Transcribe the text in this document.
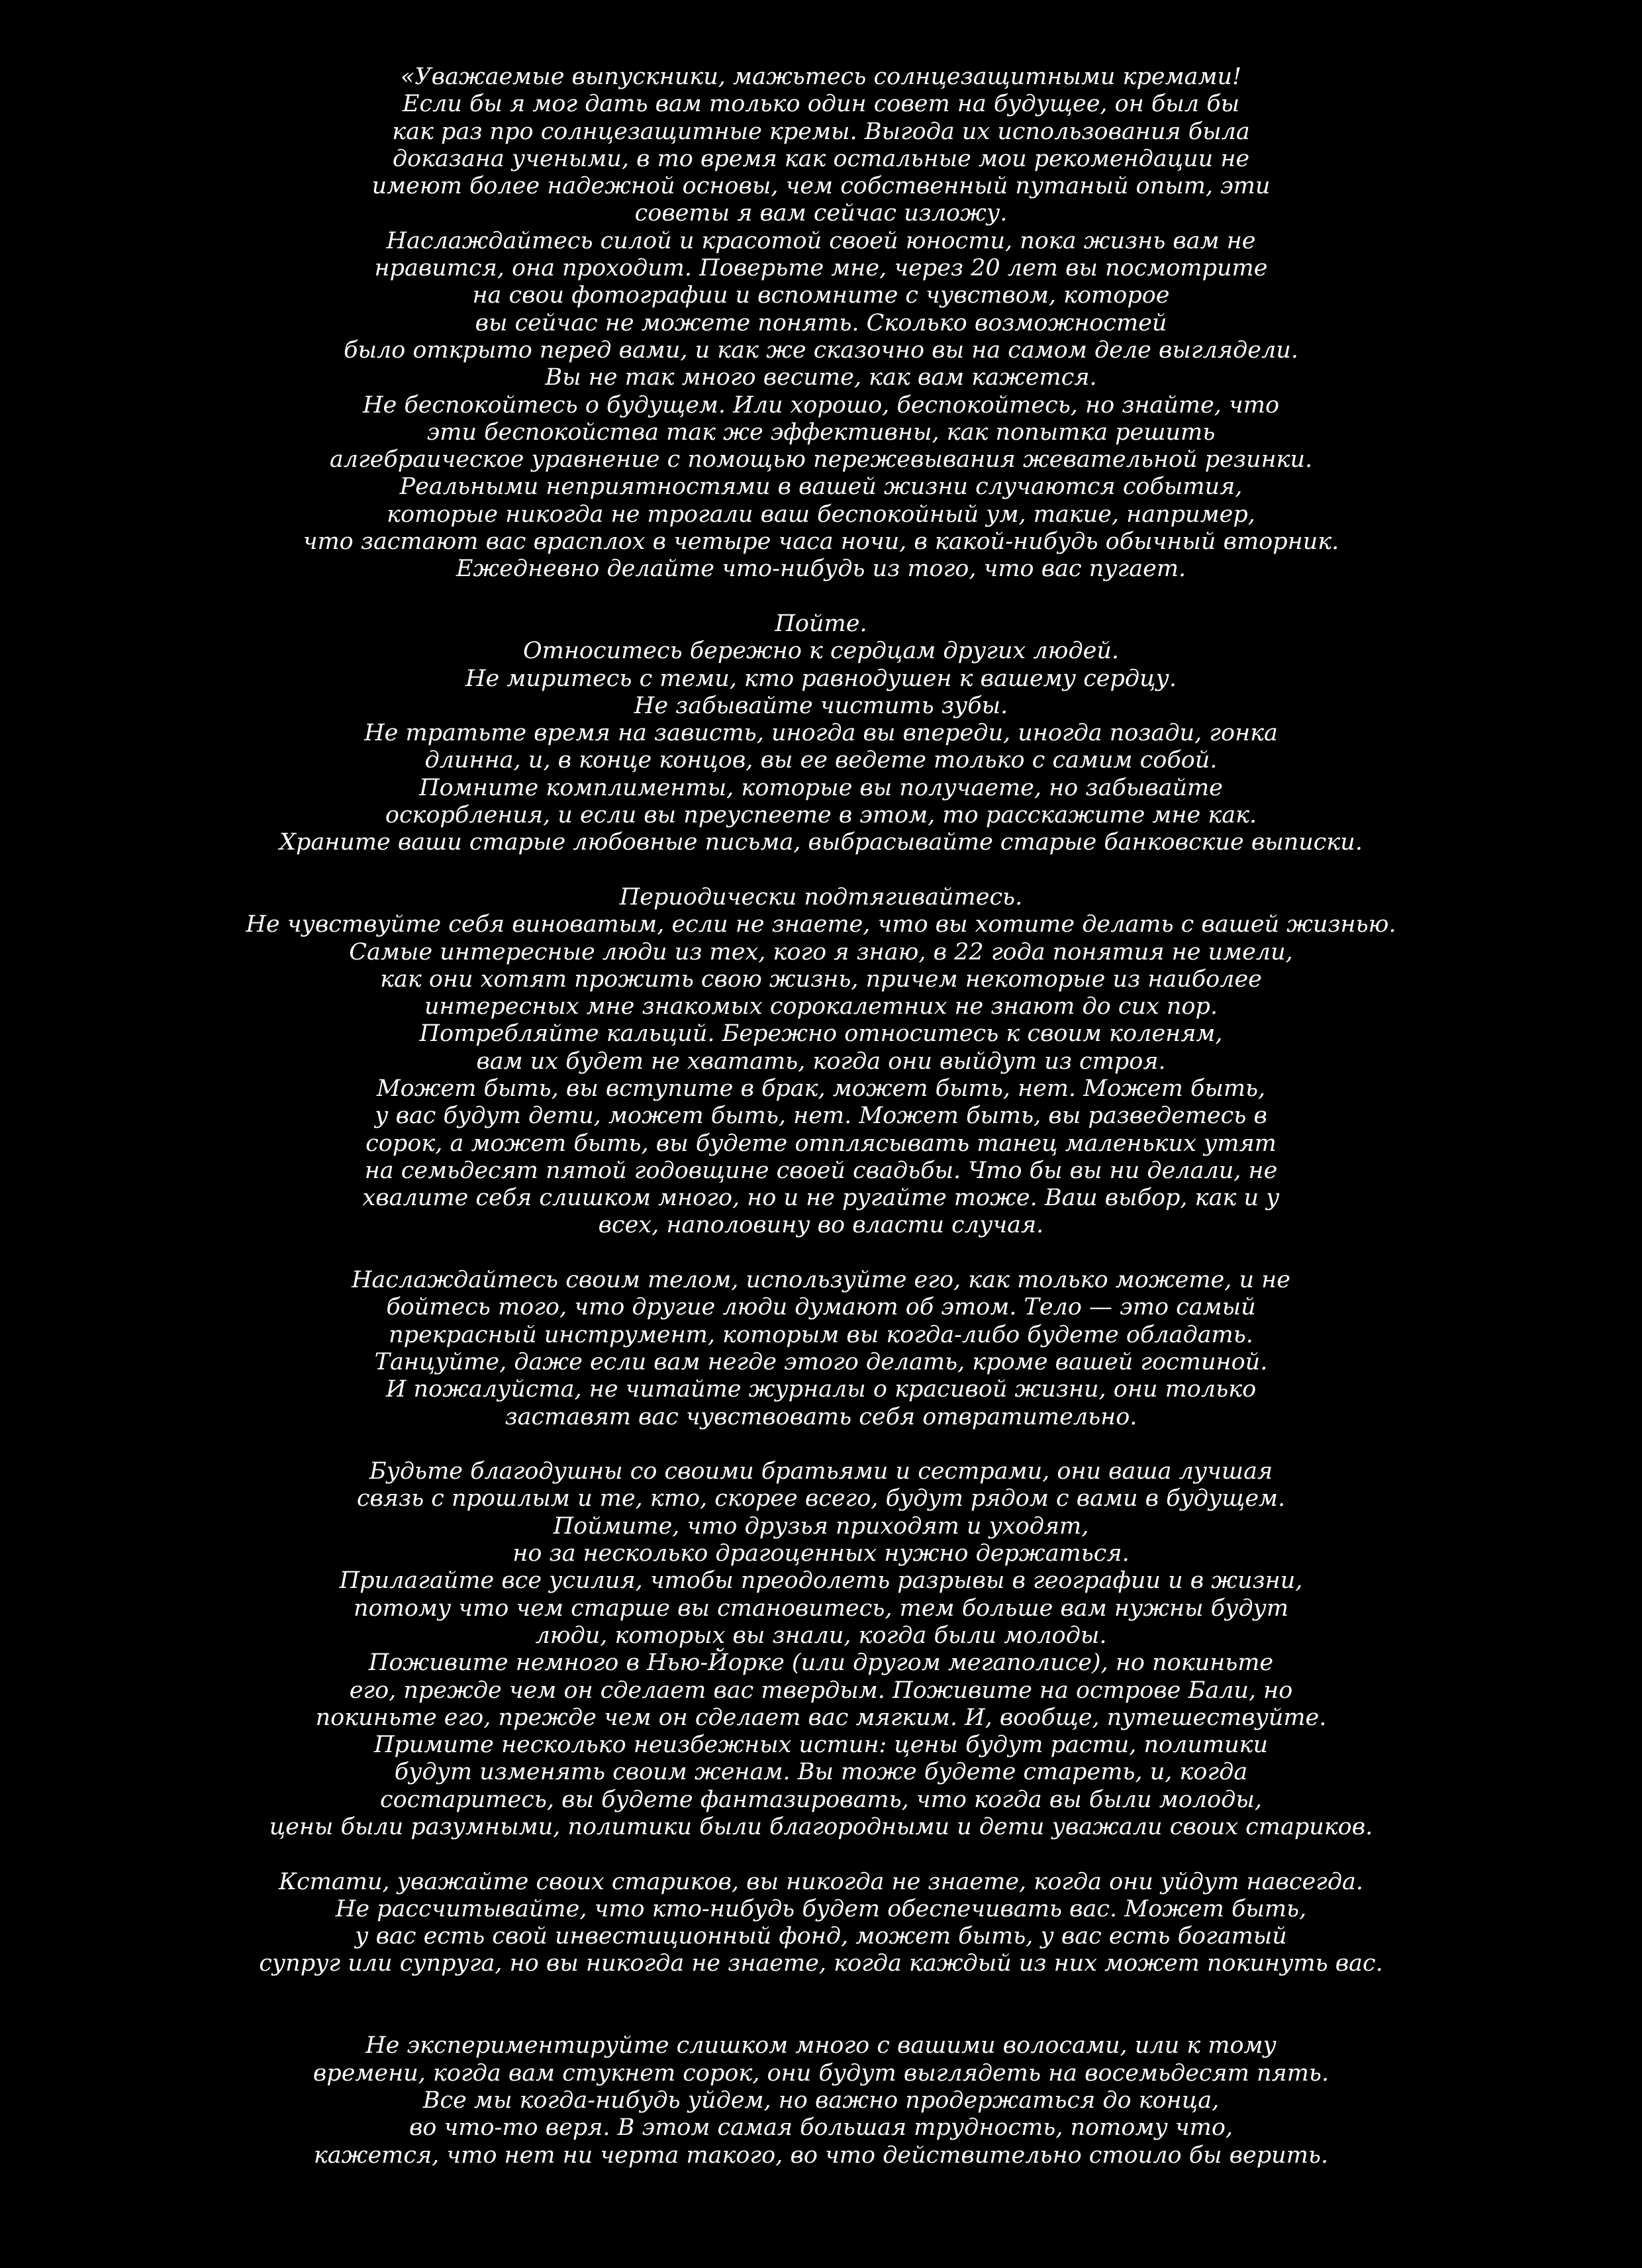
«Уважаемые выпускники, мажьтесь солнцезащитными кремами!
Если бы я мог дать вам только один совет на будущее, он был бы
как раз про солнцезащитные кремы. Выгода их использования была
доказана учеными, в то время как остальные мои рекомендации не
имеют более надежной основы, чем собственный путаный опыт, эти
советы я вам сейчас изложу.
Наслаждайтесь силой и красотой своей юности, пока жизнь вам не
нравится, она проходит. Поверьте мне, через 20 лет вы посмотрите
на свои фотографии и вспомните с чувством, которое
вы сейчас не можете понять. Сколько возможностей
было открыто перед вами, и как же сказочно вы на самом деле выглядели.
Вы не так много весите, как вам кажется.
Не беспокойтесь о будущем. Или хорошо, беспокойтесь, но знайте, что
эти беспокойства так же эффективны, как попытка решить
алгебраическое уравнение с помощью пережевывания жевательной резинки.
Реальными неприятностями в вашей жизни случаются события,
которые никогда не трогали ваш беспокойный ум, такие, например,
что застают вас врасплох в четыре часа ночи, в какой-нибудь обычный вторник.
Ежедневно делайте что-нибудь из того, что вас пугает.
Пойте.
Относитесь бережно к сердцам других людей.
Не миритесь с теми, кто равнодушен к вашему сердцу.
Не забывайте чистить зубы.
Не тратьте время на зависть, иногда вы впереди, иногда позади, гонка
длинна, и, в конце концов, вы ее ведете только с самим собой.
Помните комплименты, которые вы получаете, но забывайте
оскорбления, и если вы преуспеете в этом, то расскажите мне как.
Храните ваши старые любовные письма, выбрасывайте старые банковские выписки.
Периодически подтягивайтесь.
Не чувствуйте себя виноватым, если не знаете, что вы хотите делать с вашей жизнью.
Самые интересные люди из тех, кого я знаю, в 22 года понятия не имели,
как они хотят прожить свою жизнь, причем некоторые из наиболее
интересных мне знакомых сорокалетних не знают до сих пор.
Потребляйте кальций. Бережно относитесь к своим коленям,
вам их будет не хватать, когда они выйдут из строя.
Может быть, вы вступите в брак, может быть, нет. Может быть,
у вас будут дети, может быть, нет. Может быть, вы разведетесь в
сорок, а может быть, вы будете отплясывать танец маленьких утят
на семьдесят пятой годовщине своей свадьбы. Что бы вы ни делали, не
хвалите себя слишком много, но и не ругайте тоже. Ваш выбор, как и у
всех, наполовину во власти случая.
Наслаждайтесь своим телом, используйте его, как только можете, и не
бойтесь того, что другие люди думают об этом. Тело — это самый
прекрасный инструмент, которым вы когда-либо будете обладать.
Танцуйте, даже если вам негде этого делать, кроме вашей гостиной.
И пожалуйста, не читайте журналы о красивой жизни, они только
заставят вас чувствовать себя отвратительно.
Будьте благодушны со своими братьями и сестрами, они ваша лучшая
связь с прошлым и те, кто, скорее всего, будут рядом с вами в будущем.
Поймите, что друзья приходят и уходят,
но за несколько драгоценных нужно держаться.
Прилагайте все усилия, чтобы преодолеть разрывы в географии и в жизни,
потому что чем старше вы становитесь, тем больше вам нужны будут
люди, которых вы знали, когда были молоды.
Поживите немного в Нью-Йорке (или другом мегаполисе), но покиньте
его, прежде чем он сделает вас твердым. Поживите на острове Бали, но
покиньте его, прежде чем он сделает вас мягким. И, вообще, путешествуйте.
Примите несколько неизбежных истин: цены будут расти, политики
будут изменять своим женам. Вы тоже будете стареть, и, когда
состаритесь, вы будете фантазировать, что когда вы были молоды,
цены были разумными, политики были благородными и дети уважали своих стариков.
Кстати, уважайте своих стариков, вы никогда не знаете, когда они уйдут навсегда.
Не рассчитывайте, что кто-нибудь будет обеспечивать вас. Может быть,
у вас есть свой инвестиционный фонд, может быть, у вас есть богатый
супруг или супруга, но вы никогда не знаете, когда каждый из них может покинуть вас.
Не экспериментируйте слишком много с вашими волосами, или к тому
времени, когда вам стукнет сорок, они будут выглядеть на восемьдесят пять.
Все мы когда-нибудь уйдем, но важно продержаться до конца,
во что-то веря. В этом самая большая трудность, потому что,
кажется, что нет ни черта такого, во что действительно стоило бы верить.
